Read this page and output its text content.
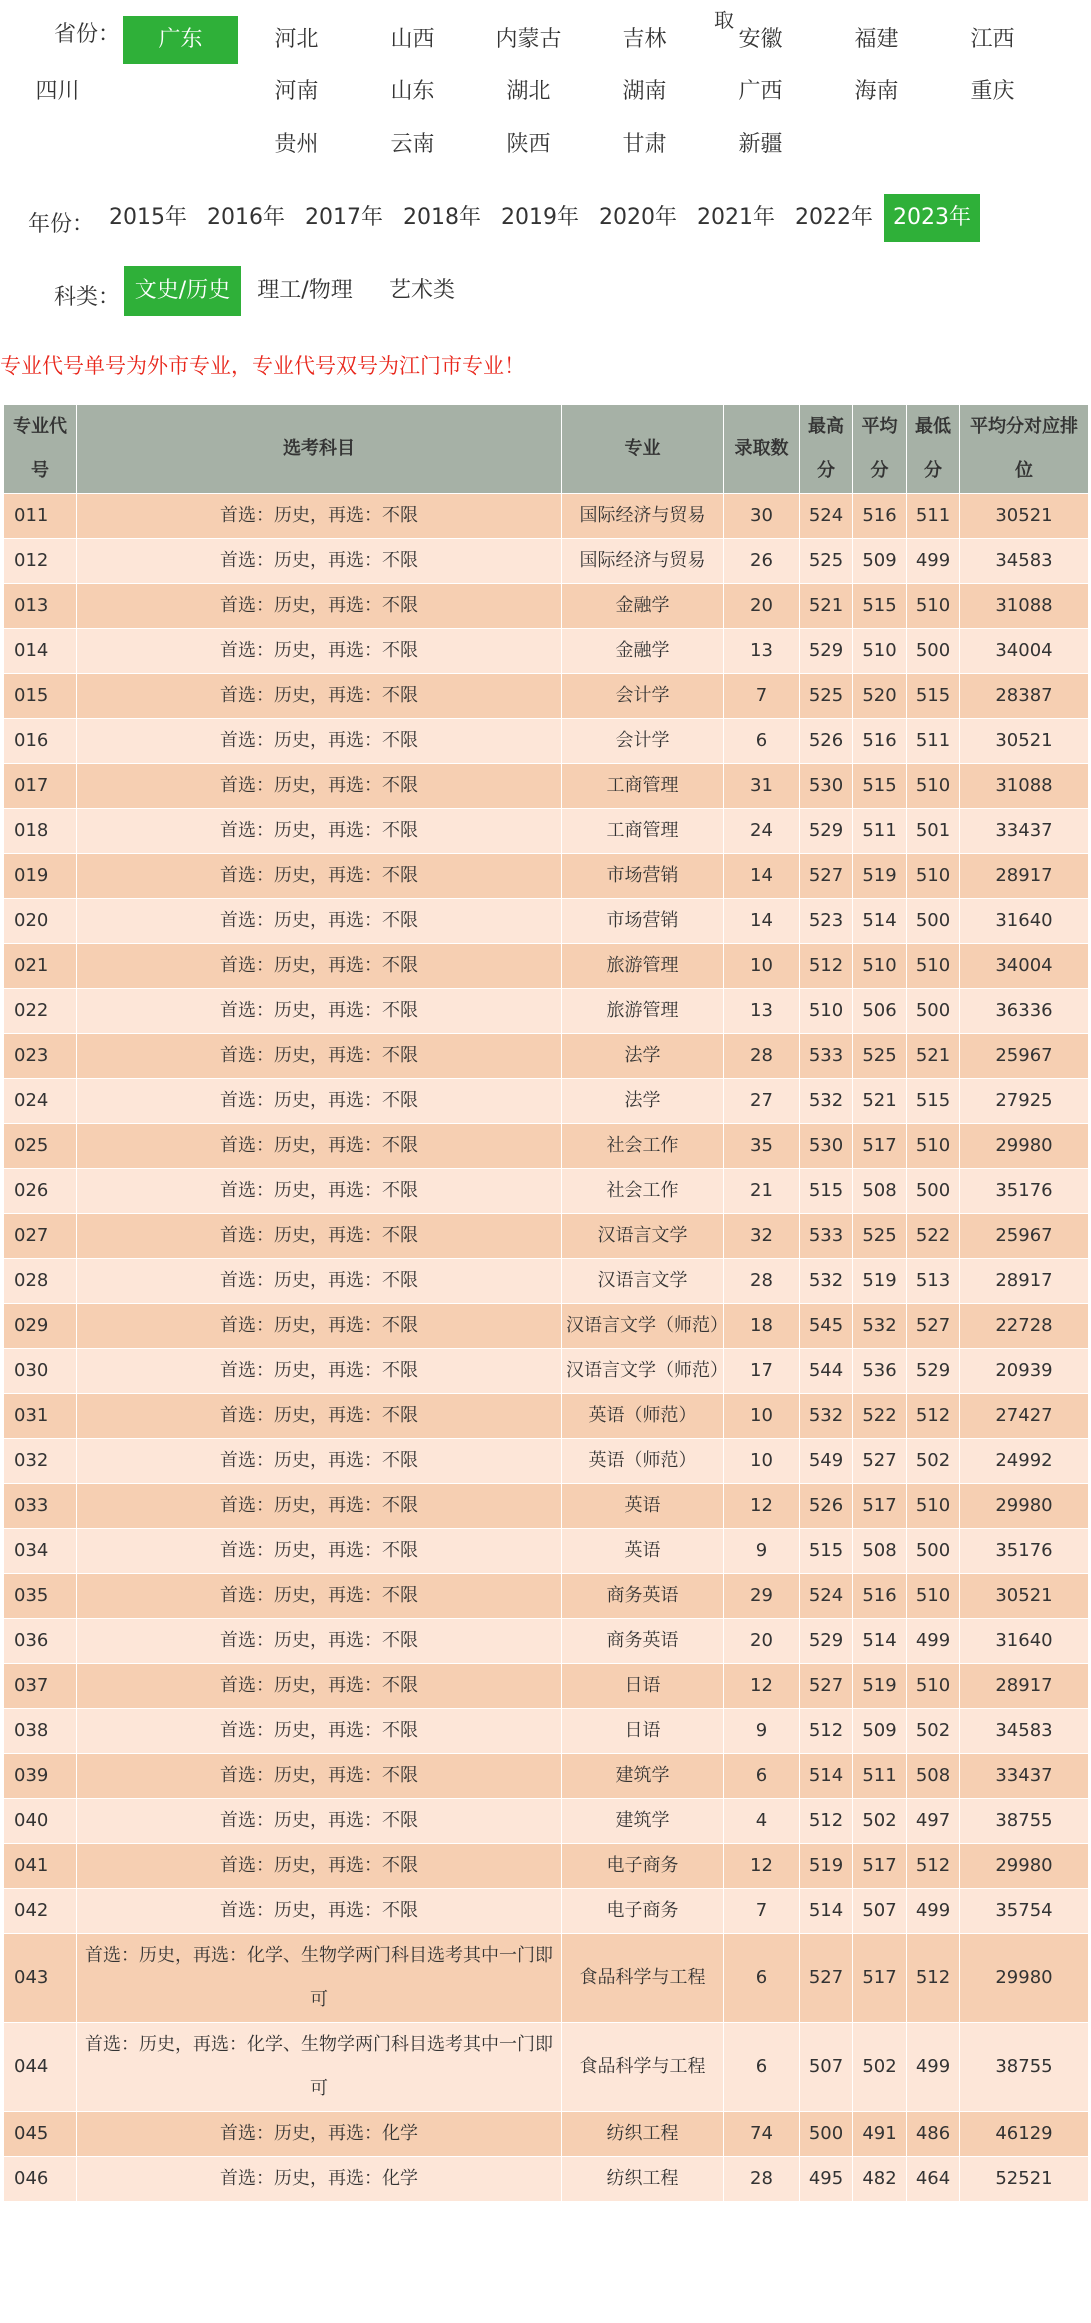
省份：
取
广东	河北	山西	内蒙古	吉林	安徽	福建	江西
河南	山东	湖北	湖南	广西	海南	重庆
四川
贵州	云南	陕西	甘肃	新疆
年份： 2015年 2016年 2017年 2018年 2019年 2020年 2021年 2022年 2023年
科类： 文史/历史	理工/物理	艺术类
专业代号单号为外市专业，专业代号双号为江门市专业！
专业代号	选考科目	专业	录取数	最高分	平均分	最低分	平均分对应排位
011	首选：历史，再选：不限	国际经济与贸易	30	524	516	511	30521
012	首选：历史，再选：不限	国际经济与贸易	26	525	509	499	34583
013	首选：历史，再选：不限	金融学	20	521	515	510	31088
014	首选：历史，再选：不限	金融学	13	529	510	500	34004
015	首选：历史，再选：不限	会计学	7	525	520	515	28387
016	首选：历史，再选：不限	会计学	6	526	516	511	30521
017	首选：历史，再选：不限	工商管理	31	530	515	510	31088
018	首选：历史，再选：不限	工商管理	24	529	511	501	33437
019	首选：历史，再选：不限	市场营销	14	527	519	510	28917
020	首选：历史，再选：不限	市场营销	14	523	514	500	31640
021	首选：历史，再选：不限	旅游管理	10	512	510	510	34004
022	首选：历史，再选：不限	旅游管理	13	510	506	500	36336
023	首选：历史，再选：不限	法学	28	533	525	521	25967
024	首选：历史，再选：不限	法学	27	532	521	515	27925
025	首选：历史，再选：不限	社会工作	35	530	517	510	29980
026	首选：历史，再选：不限	社会工作	21	515	508	500	35176
027	首选：历史，再选：不限	汉语言文学	32	533	525	522	25967
028	首选：历史，再选：不限	汉语言文学	28	532	519	513	28917
029	首选：历史，再选：不限	汉语言文学（师范）	18	545	532	527	22728
030	首选：历史，再选：不限	汉语言文学（师范）	17	544	536	529	20939
031	首选：历史，再选：不限	英语（师范）	10	532	522	512	27427
032	首选：历史，再选：不限	英语（师范）	10	549	527	502	24992
033	首选：历史，再选：不限	英语	12	526	517	510	29980
034	首选：历史，再选：不限	英语	9	515	508	500	35176
035	首选：历史，再选：不限	商务英语	29	524	516	510	30521
036	首选：历史，再选：不限	商务英语	20	529	514	499	31640
037	首选：历史，再选：不限	日语	12	527	519	510	28917
038	首选：历史，再选：不限	日语	9	512	509	502	34583
039	首选：历史，再选：不限	建筑学	6	514	511	508	33437
040	首选：历史，再选：不限	建筑学	4	512	502	497	38755
041	首选：历史，再选：不限	电子商务	12	519	517	512	29980
042	首选：历史，再选：不限	电子商务	7	514	507	499	35754
043	首选：历史，再选：化学、生物学两门科目选考其中一门即可	食品科学与工程	6	527	517	512	29980
044	首选：历史，再选：化学、生物学两门科目选考其中一门即可	食品科学与工程	6	507	502	499	38755
045	首选：历史，再选：化学	纺织工程	74	500	491	486	46129
046	首选：历史，再选：化学	纺织工程	28	495	482	464	52521
